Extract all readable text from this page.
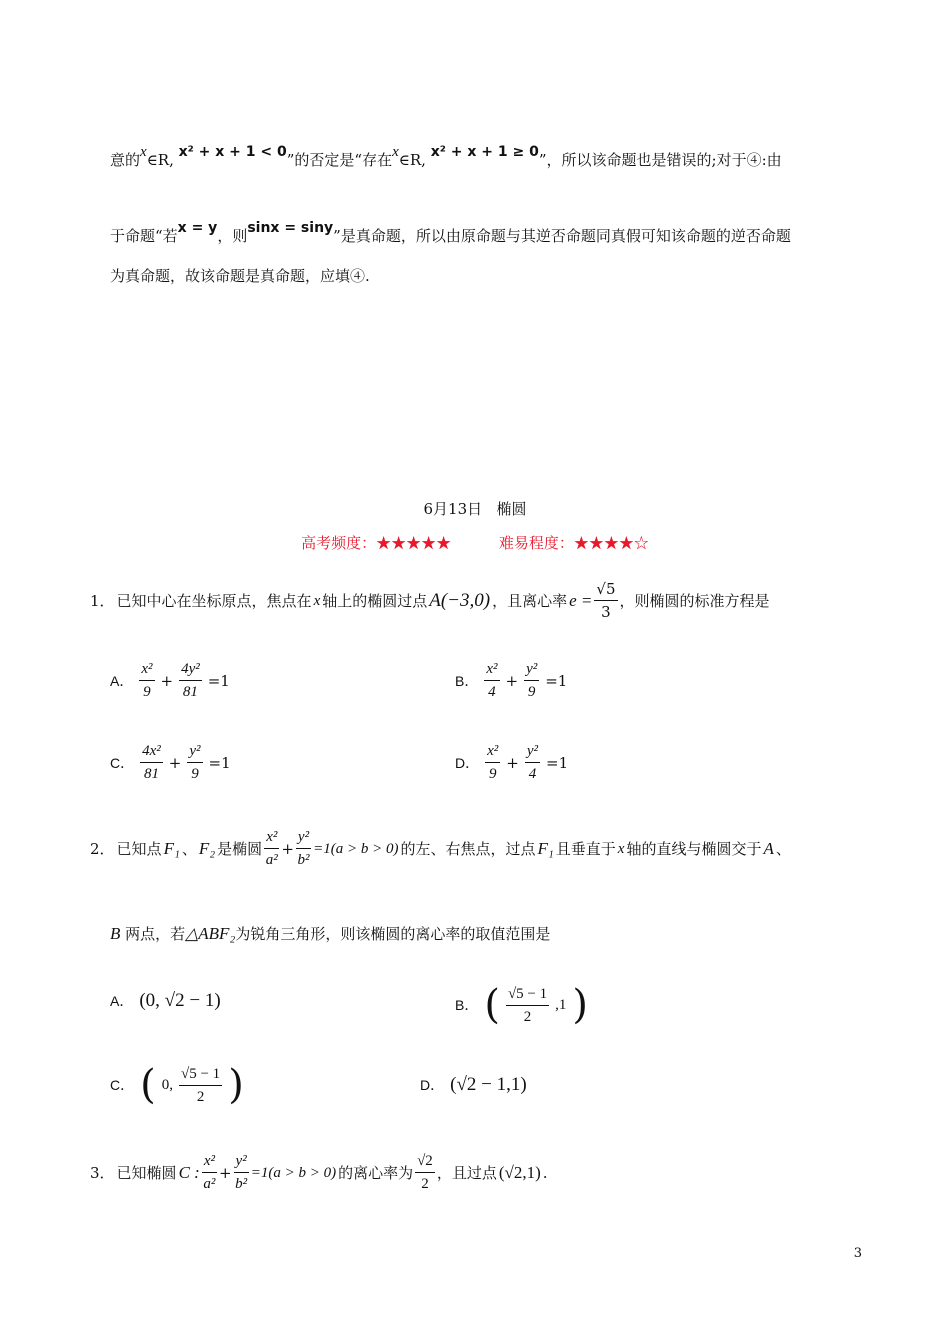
意的x∈R, x² + x + 1 < 0”的否定是“存在x∈R, x² + x + 1 ≥ 0”，所以该命题也是错误的;对于④:由
于命题“若x = y，则sinx = siny”是真命题，所以由原命题与其逆否命题同真假可知该命题的逆否命题
为真命题，故该命题是真命题，应填④.
6月13日 椭圆
高考频度：★★★★★	难易程度：★★★★☆
1． 已知中心在坐标原点，焦点在 x 轴上的椭圆过点 A(−3,0) ，且离心率 $e = \frac{√5}{3}$ ，则椭圆的标准方程是
A． $\frac{\text{x²}}{9} + \frac{\text{4y²}}{81} =1$	B． $\frac{\text{x²}}{4} + \frac{\text{y²}}{9} =1$
C． $\frac{\text{4x²}}{81} + \frac{\text{y²}}{9} =1$	D． $\frac{\text{x²}}{9} + \frac{\text{y²}}{4} =1$
2． 已知点 F₁ 、 F₂ 是椭圆 $\frac{\text{x²}}{\text{a²}} + \frac{\text{y²}}{\text{b²}} =1(a > b > 0)$ 的左、右焦点，过点 F₁ 且垂直于 x 轴的直线与椭圆交于 A 、
B 两点，若△ABF₂为锐角三角形，则该椭圆的离心率的取值范围是
A． (0, √2 − 1)	B． ( $\frac{√5 - 1}{2} ,1$ )
C． ( 0, $\frac{√5 - 1}{2}$ )	D． (√2 − 1,1)
3． 已知椭圆 C : $\frac{\text{x²}}{\text{a²}} + \frac{\text{y²}}{\text{b²}} =1(a > b > 0)$ 的离心率为 $\frac{√2}{2}$ ，且过点 (√2,1) .
3
